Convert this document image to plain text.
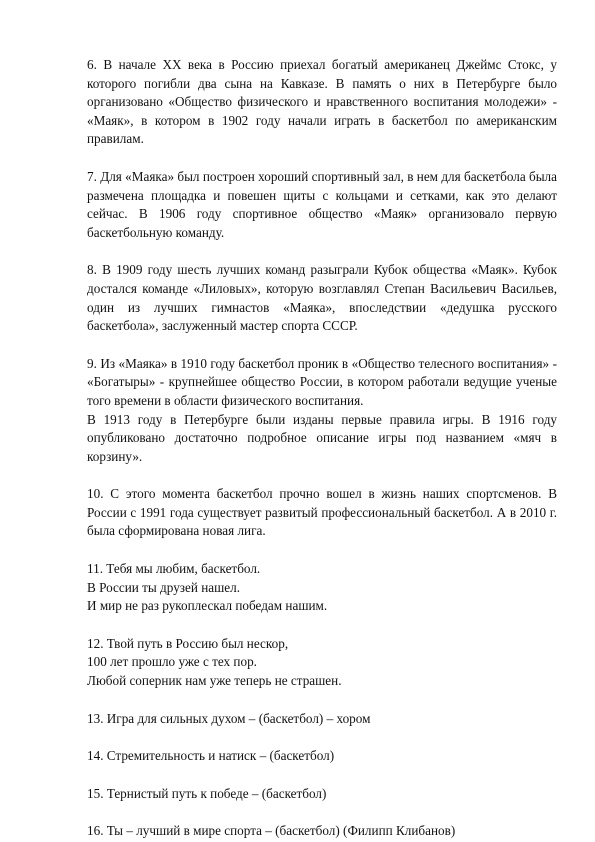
6. В начале XX века в Россию приехал богатый американец Джеймс Стокс, у которого погибли два сына на Кавказе. В память о них в Петербурге было организовано «Общество физического и нравственного воспитания молодежи» - «Маяк», в котором в 1902 году начали играть в баскетбол по американским правилам.

7. Для «Маяка» был построен хороший спортивный зал, в нем для баскетбола была размечена площадка и повешен щиты с кольцами и сетками, как это делают сейчас. В 1906 году спортивное общество «Маяк» организовало первую баскетбольную команду.

8. В 1909 году шесть лучших команд разыграли Кубок общества «Маяк». Кубок достался команде «Лиловых», которую возглавлял Степан Васильевич Васильев, один из лучших гимнастов «Маяка», впоследствии «дедушка русского баскетбола», заслуженный мастер спорта СССР.

9. Из «Маяка» в 1910 году баскетбол проник в «Общество телесного воспитания» - «Богатыры» - крупнейшее общество России, в котором работали ведущие ученые того времени в области физического воспитания.
В 1913 году в Петербурге были изданы первые правила игры. В 1916 году опубликовано достаточно подробное описание игры под названием «мяч в корзину».

10. С этого момента баскетбол прочно вошел в жизнь наших спортсменов. В России с 1991 года существует развитый профессиональный баскетбол. А в 2010 г. была сформирована новая лига.

11. Тебя мы любим, баскетбол.
В России ты друзей нашел.
И мир не раз рукоплескал победам нашим.
12. Твой путь в Россию был нескор,
100 лет прошло уже с тех пор.
Любой соперник нам уже теперь не страшен.

13. Игра для сильных духом – (баскетбол) – хором

14. Стремительность и натиск – (баскетбол)

15. Тернистый путь к победе – (баскетбол)

16. Ты – лучший в мире спорта – (баскетбол) (Филипп Клибанов)
